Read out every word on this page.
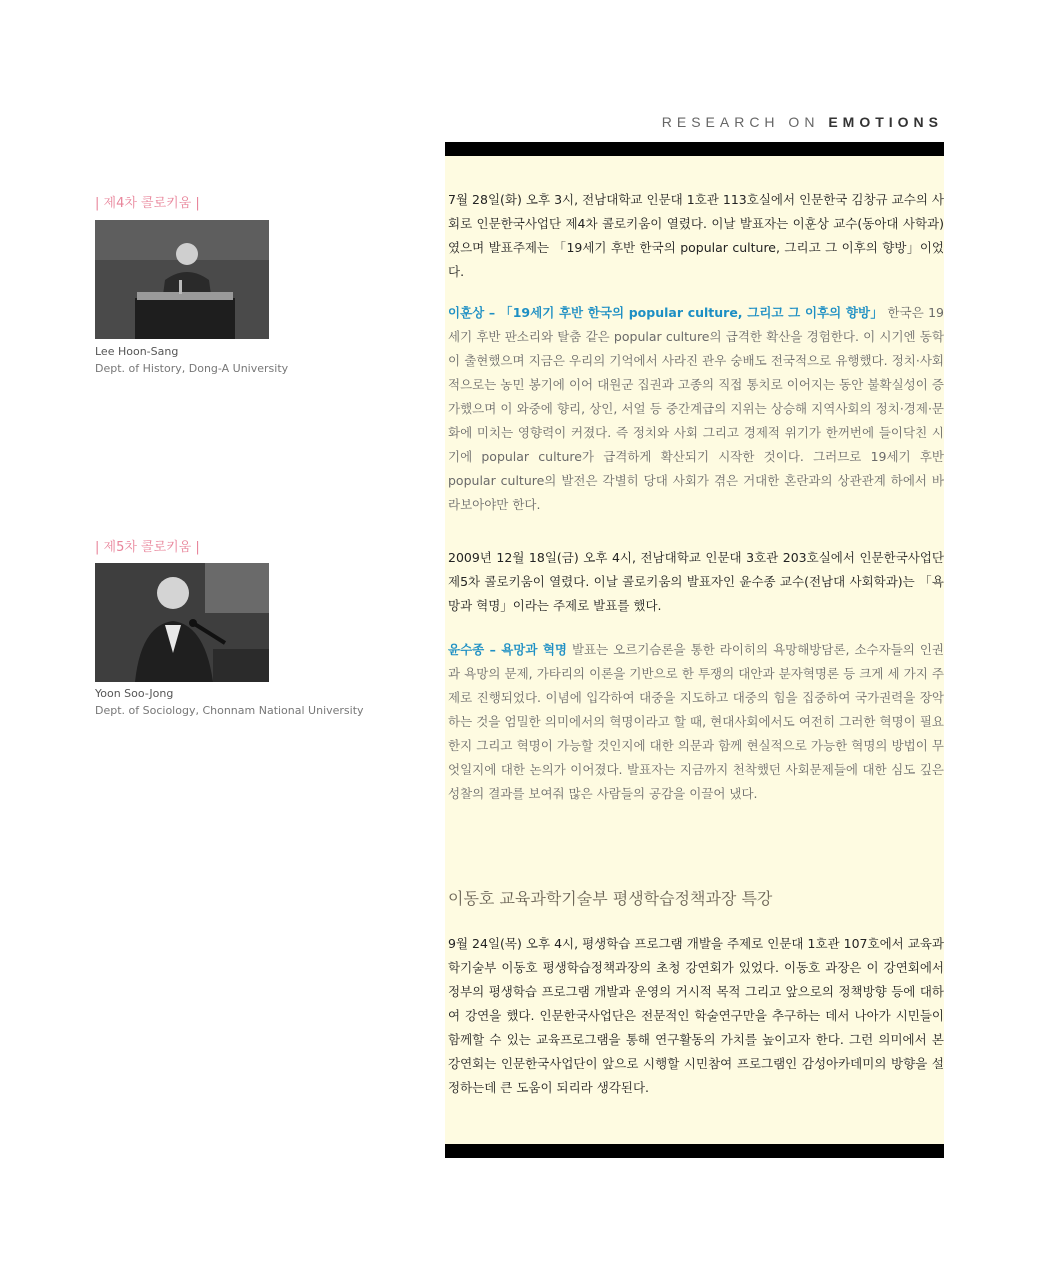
RESEARCH ON EMOTIONS
| 제4차 콜로키움 |
Lee Hoon-Sang
Dept. of History, Dong-A University

7월 28일(화) 오후 3시, 전남대학교 인문대 1호관 113호실에서 인문한국 김창규 교수의 사회로 인문한국사업단 제4차 콜로키움이 열렸다. 이날 발표자는 이훈상 교수(동아대 사학과)였으며 발표주제는 「19세기 후반 한국의 popular culture, 그리고 그 이후의 향방」이었다.

이훈상 – 「19세기 후반 한국의 popular culture, 그리고 그 이후의 향방」 한국은 19세기 후반 판소리와 탈춤 같은 popular culture의 급격한 확산을 경험한다. 이 시기엔 동학이 출현했으며 지금은 우리의 기억에서 사라진 관우 숭배도 전국적으로 유행했다. 정치·사회적으로는 농민 봉기에 이어 대원군 집권과 고종의 직접 통치로 이어지는 동안 불확실성이 증가했으며 이 와중에 향리, 상인, 서얼 등 중간계급의 지위는 상승해 지역사회의 정치·경제·문화에 미치는 영향력이 커졌다. 즉 정치와 사회 그리고 경제적 위기가 한꺼번에 들이닥친 시기에 popular culture가 급격하게 확산되기 시작한 것이다. 그러므로 19세기 후반 popular culture의 발전은 각별히 당대 사회가 겪은 거대한 혼란과의 상관관계 하에서 바라보아야만 한다.

| 제5차 콜로키움 |
Yoon Soo-Jong
Dept. of Sociology, Chonnam National University

2009년 12월 18일(금) 오후 4시, 전남대학교 인문대 3호관 203호실에서 인문한국사업단 제5차 콜로키움이 열렸다. 이날 콜로키움의 발표자인 윤수종 교수(전남대 사회학과)는 「욕망과 혁명」이라는 주제로 발표를 했다.

윤수종 – 욕망과 혁명 발표는 오르기슴론을 통한 라이히의 욕망해방담론, 소수자들의 인권과 욕망의 문제, 가타리의 이론을 기반으로 한 투쟁의 대안과 분자혁명론 등 크게 세 가지 주제로 진행되었다. 이념에 입각하여 대중을 지도하고 대중의 힘을 집중하여 국가권력을 장악하는 것을 엄밀한 의미에서의 혁명이라고 할 때, 현대사회에서도 여전히 그러한 혁명이 필요한지 그리고 혁명이 가능할 것인지에 대한 의문과 함께 현실적으로 가능한 혁명의 방법이 무엇일지에 대한 논의가 이어졌다. 발표자는 지금까지 천착했던 사회문제들에 대한 심도 깊은 성찰의 결과를 보여줘 많은 사람들의 공감을 이끌어 냈다.

이동호 교육과학기술부 평생학습정책과장 특강

9월 24일(목) 오후 4시, 평생학습 프로그램 개발을 주제로 인문대 1호관 107호에서 교육과학기술부 이동호 평생학습정책과장의 초청 강연회가 있었다. 이동호 과장은 이 강연회에서 정부의 평생학습 프로그램 개발과 운영의 거시적 목적 그리고 앞으로의 정책방향 등에 대하여 강연을 했다. 인문한국사업단은 전문적인 학술연구만을 추구하는 데서 나아가 시민들이 함께할 수 있는 교육프로그램을 통해 연구활동의 가치를 높이고자 한다. 그런 의미에서 본 강연회는 인문한국사업단이 앞으로 시행할 시민참여 프로그램인 감성아카데미의 방향을 설정하는데 큰 도움이 되리라 생각된다.
